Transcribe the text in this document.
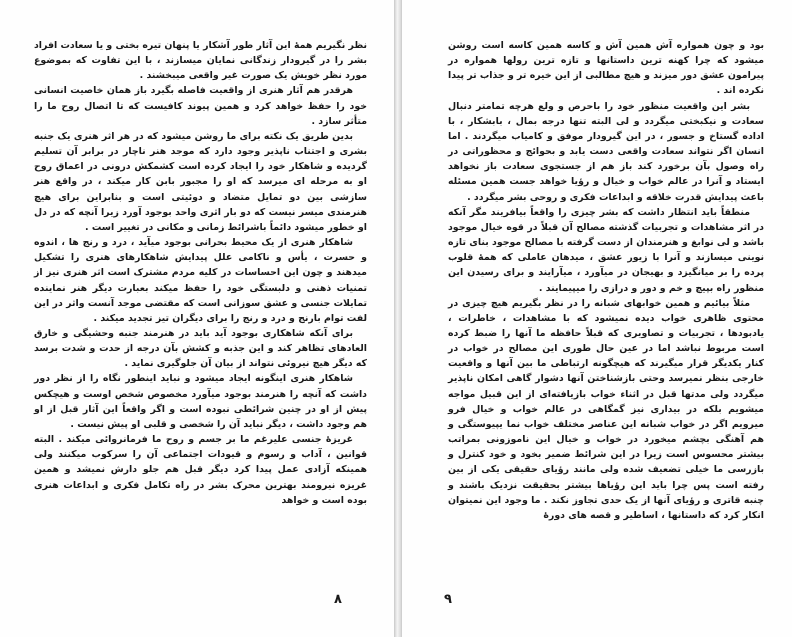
نظر نگیریم همهٔ این آثار طور آشکار یا پنهان تیره بختی و یا سعادت افراد بشر را در گیرودار زندگانی نمایان میسازند ، با این تفاوت که بموضوع مورد نظر خویش یک صورت غیر واقعی میبخشند .

هرقدر هم آثار هنری از واقعیت فاصله بگیرد باز همان خاصیت انسانی خود را حفظ خواهد کرد و همین پیوند کافیست که تا اتصال روح ما را متأثر سازد .

بدین طریق یک نکته برای ما روشن میشود که در هر اثر هنری یک جنبه بشری و اجتناب ناپذیر وجود دارد که موجد هنر ناچار در برابر آن تسلیم گردیده و شاهکار خود را ایجاد کرده است کشمکش درونی در اعماق روح او به مرحله ای میرسد که او را مجبور بابن کار میکند ، در واقع هنر سازشی بین دو تمایل متضاد و دوئیتی است و بنابراین برای هیچ هنرمندی میسر نیست که دو بار اثری واحد بوجود آورد زیرا آنچه که در دل او خطور میشود دائماً باشرائط زمانی و مکانی در تغییر است .

شاهکار هنری از یک محیط بحرانی بوجود میآید ، درد و رنج ها ، اندوه و حسرت ، یأس و ناکامی علل پیدایش شاهکارهای هنری را تشکیل میدهند و چون این احساسات در کلیه مردم مشترک است اثر هنری نیز از تمنیات ذهنی و دلبستگی خود را حفظ میکند بعبارت دیگر هنر نماینده تمایلات جنسی و عشق سوزانی است که مقتضی موجد آنست واثر در این لفت توام بارنج و درد و رنج را برای دیگران تیز تجدید میکند .

برای آنکه شاهکاری بوجود آید باید در هنرمند جنبه وحشیگی و خارق العادهای تظاهر کند و این جذبه و کشش بآن درجه از حدت و شدت برسد که دیگر هیچ نیروئی نتواند از بیان آن جلوگیری نماید .

شاهکار هنری اینگونه ایجاد میشود و نباید اینطور نگاه را از نظر دور داشت که آنچه را هنرمند بوجود میآورد مخصوص شخص اوست و هیچکس پیش از او در چنین شرائطی نبوده است و اگر واقعاً این آثار قبل از او هم وجود داشت ، دیگر نباید آن را شخصی و قلبی او پیش نیست .

غریزهٔ جنسی علیرغم ما بر جسم و روح ما فرمانروائی میکند . البته قوانین ، آداب و رسوم و قیودات اجتماعی آن را سرکوب میکنند ولی همینکه آزادی عمل پیدا کرد دیگر قبل هم جلو دارش نمیشد و همین غریزه نیرومند بهترین محرک بشر در راه تکامل فکری و ابداعات هنری بوده است و خواهد

۸

بود و چون همواره آش همین آش و کاسه همین کاسه است روشن میشود که چرا کهنه ترین داستانها و تازه ترین رولها همواره در پیرامون عشق دور میزند و هیچ مطالبی از این خیره تر و جذاب تر پیدا نکرده اند .

بشر این واقعیت منظور خود را باحرص و ولع هرچه تمامتر دنبال سعادت و نیکبختی میگردد و لی البته تنها درجه بمال ، بابشکار ، با اداده گستاخ و جسور ، در این گیرودار موفق و کامیاب میگردند . اما انسان اگر نتواند سعادت واقعی دست یابد و بحوائج و محظوراتی در راه وصول بآن برخورد کند باز هم از جستجوی سعادت باز نخواهد ایستاد و آنرا در عالم خواب و خیال و رؤیا خواهد جست همین مسئله باعث پیدایش قدرت خلاقه و ابداعات فکری و روحی بشر میگردد .

منطقاً باید انتظار داشت که بشر چیزی را واقعاً بیافریند مگر آنکه در اثر مشاهدات و تجربیات گذشته مصالح آن قبلاً در قوه خیال موجود باشد و لی نوابغ و هنرمندان از دست گرفته با مصالح موجود بنای تازه نوینی میسازند و آنرا با زیور عشق ، میدهان عاملی که همهٔ قلوب پرده را بر میانگیزد و بهیجان در میآورد ، میآرایند و برای رسیدن این منظور راه بپیچ و خم و دور و درازی را میپیمایند .

مثلاً بیائیم و همین خوابهای شبانه را در نظر بگیریم هیچ چیزی در محتوی ظاهری خواب دیده نمیشود که با مشاهدات ، خاطرات ، یادبودها ، تجربیات و تصاویری که قبلاً حافظه ما آنها را ضبط کرده است مربوط نباشد اما در عین حال طوری این مصالح در خواب در کنار یکدیگر قرار میگیرند که هیچگونه ارتباطی ما بین آنها و واقعیت خارجی بنظر نمیرسد وحتی بازشناختن آنها دشوار گاهی امکان ناپذیر میگردد ولی مدتها قبل در اثناء خواب بازیافته‌ای از این قبیل مواجه میشویم بلکه در بیداری نیز گمگاهی در عالم خواب و خیال فرو میرویم اگر در خواب شبانه این عناصر مختلف خواب نما یپیوستگی و هم آهنگی بچشم میخورد در خواب و خیال این ناموزونی بمراتب بیشتر محسوس است زیرا در این شرائط ضمیر بخود و خود کنترل و بازرسی ما خیلی تضعیف شده ولی مانند رؤیای حقیقی یکی از بین رفته است پس چرا باید این رؤیاها بیشتر بحقیقت نزدیک باشند و چنبه قاتری و رؤیای آنها از یک حدی تجاوز نکند . ما وجود این نمیتوان انکار کرد که داستانها ، اساطیر و قصه های دورهٔ

۹
